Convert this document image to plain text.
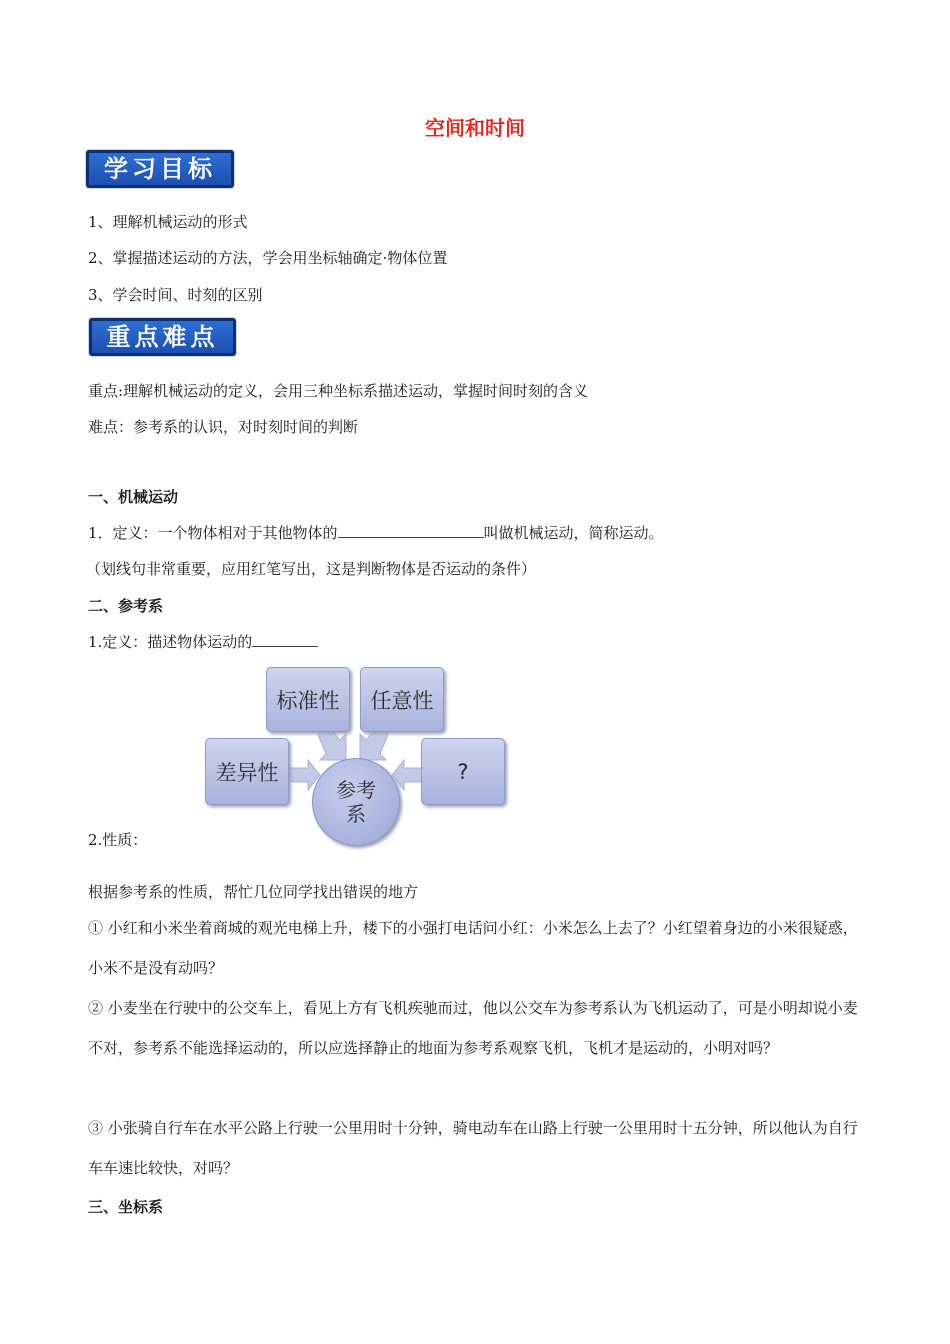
空间和时间
学习目标
1、理解机械运动的形式
2、掌握描述运动的方法，学会用坐标轴确定·物体位置
3、学会时间、时刻的区别
重点难点
重点:理解机械运动的定义，会用三种坐标系描述运动，掌握时间时刻的含义
难点：参考系的认识，对时刻时间的判断
一、机械运动
1．定义：一个物体相对于其他物体的	叫做机械运动，简称运动。
（划线句非常重要，应用红笔写出，这是判断物体是否运动的条件）
二、参考系
1.定义：描述物体运动的
标准性	任意性
差异性	?
参考
系
2.性质：
根据参考系的性质，帮忙几位同学找出错误的地方
① 小红和小米坐着商城的观光电梯上升，楼下的小强打电话问小红：小米怎么上去了？小红望着身边的小米很疑惑，小米不是没有动吗？
② 小麦坐在行驶中的公交车上，看见上方有飞机疾驰而过，他以公交车为参考系认为飞机运动了，可是小明却说小麦不对，参考系不能选择运动的，所以应选择静止的地面为参考系观察飞机，飞机才是运动的，小明对吗？
③ 小张骑自行车在水平公路上行驶一公里用时十分钟，骑电动车在山路上行驶一公里用时十五分钟，所以他认为自行车车速比较快，对吗？
三、坐标系
